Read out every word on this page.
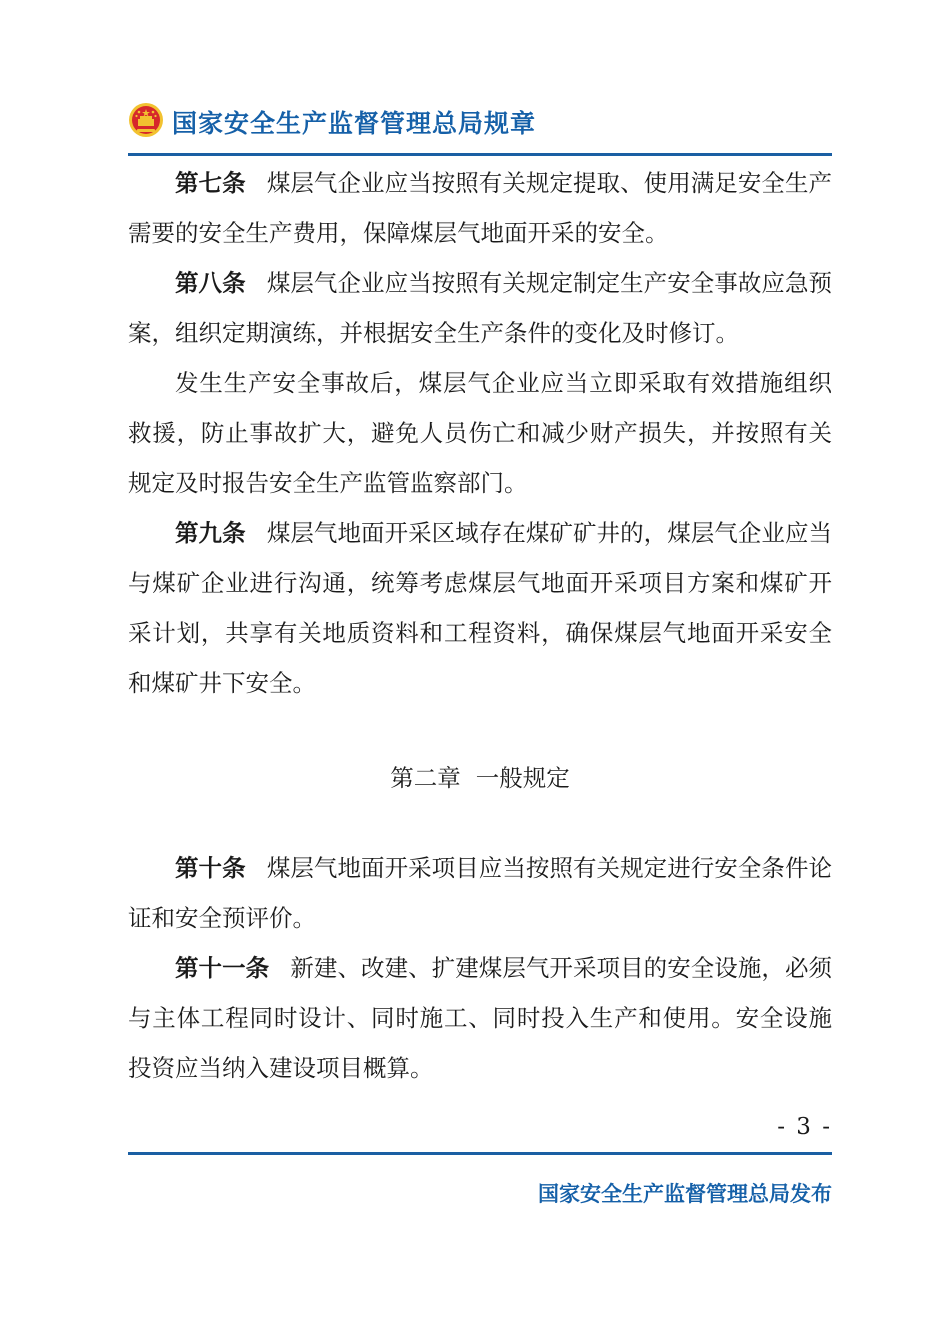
国家安全生产监督管理总局规章

第七条 煤层气企业应当按照有关规定提取、使用满足安全生产需要的安全生产费用，保障煤层气地面开采的安全。

第八条 煤层气企业应当按照有关规定制定生产安全事故应急预案，组织定期演练，并根据安全生产条件的变化及时修订。

发生生产安全事故后，煤层气企业应当立即采取有效措施组织救援，防止事故扩大，避免人员伤亡和减少财产损失，并按照有关规定及时报告安全生产监管监察部门。

第九条 煤层气地面开采区域存在煤矿矿井的，煤层气企业应当与煤矿企业进行沟通，统筹考虑煤层气地面开采项目方案和煤矿开采计划，共享有关地质资料和工程资料，确保煤层气地面开采安全和煤矿井下安全。

第二章  一般规定

第十条 煤层气地面开采项目应当按照有关规定进行安全条件论证和安全预评价。

第十一条 新建、改建、扩建煤层气开采项目的安全设施，必须与主体工程同时设计、同时施工、同时投入生产和使用。安全设施投资应当纳入建设项目概算。

- 3 -
国家安全生产监督管理总局发布
